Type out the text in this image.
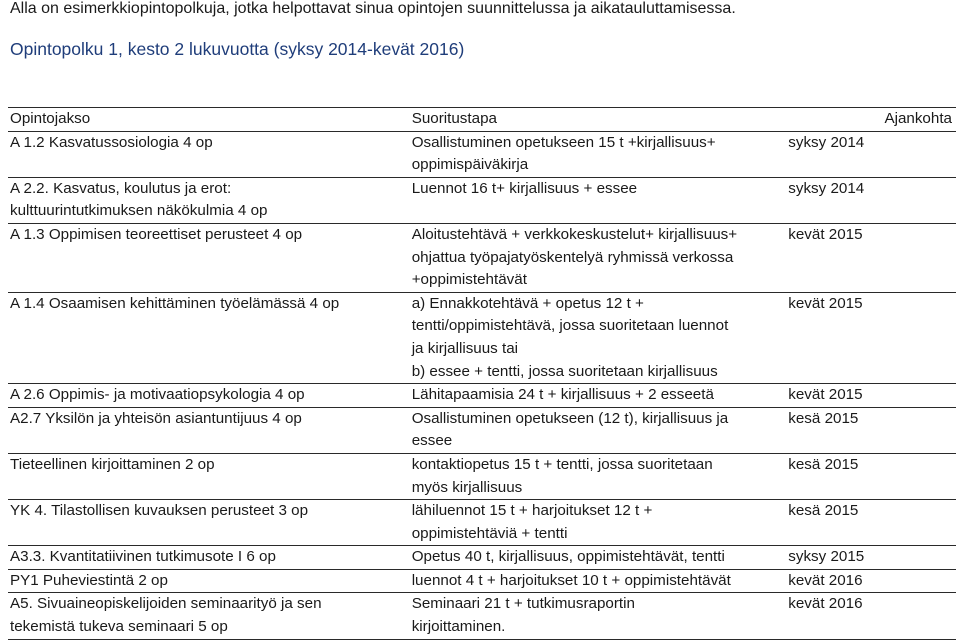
Alla on esimerkkiopintopolkuja, jotka helpottavat sinua opintojen suunnittelussa ja aikatauluttamisessa.
Opintopolku 1, kesto 2 lukuvuotta (syksy 2014-kevät 2016)
Opintojakso	Suoritustapa	Ajankohta

A 1.2 Kasvatussosiologia 4 op	Osallistuminen opetukseen 15 t +kirjallisuus+
oppimispäiväkirja	syksy 2014

A 2.2. Kasvatus, koulutus ja erot:
kulttuurintutkimuksen näkökulmia 4 op	Luennot 16 t+ kirjallisuus + essee	syksy 2014

A 1.3 Oppimisen teoreettiset perusteet 4 op	Aloitustehtävä + verkkokeskustelut+ kirjallisuus+
ohjattua työpajatyöskentelyä ryhmissä verkossa
+oppimistehtävät	kevät 2015

A 1.4 Osaamisen kehittäminen työelämässä 4 op	a) Ennakkotehtävä + opetus 12 t +
tentti/oppimistehtävä, jossa suoritetaan luennot
ja kirjallisuus tai
b) essee + tentti, jossa suoritetaan kirjallisuus	kevät 2015

A 2.6 Oppimis- ja motivaatiopsykologia 4 op	Lähitapaamisia 24 t + kirjallisuus + 2 esseetä	kevät 2015

A2.7 Yksilön ja yhteisön asiantuntijuus 4 op	Osallistuminen opetukseen (12 t), kirjallisuus ja
essee	kesä 2015

Tieteellinen kirjoittaminen 2 op	kontaktiopetus 15 t + tentti, jossa suoritetaan
myös kirjallisuus	kesä 2015

YK 4. Tilastollisen kuvauksen perusteet 3 op	lähiluennot 15 t + harjoitukset 12 t +
oppimistehtäviä + tentti	kesä 2015

A3.3. Kvantitatiivinen tutkimusote I 6 op	Opetus 40 t, kirjallisuus, oppimistehtävät, tentti	syksy 2015

PY1 Puheviestintä 2 op	luennot 4 t + harjoitukset 10 t + oppimistehtävät	kevät 2016

A5. Sivuaineopiskelijoiden seminaarityö ja sen
tekemistä tukeva seminaari 5 op	Seminaari 21 t + tutkimusraportin
kirjoittaminen.	kevät 2016
